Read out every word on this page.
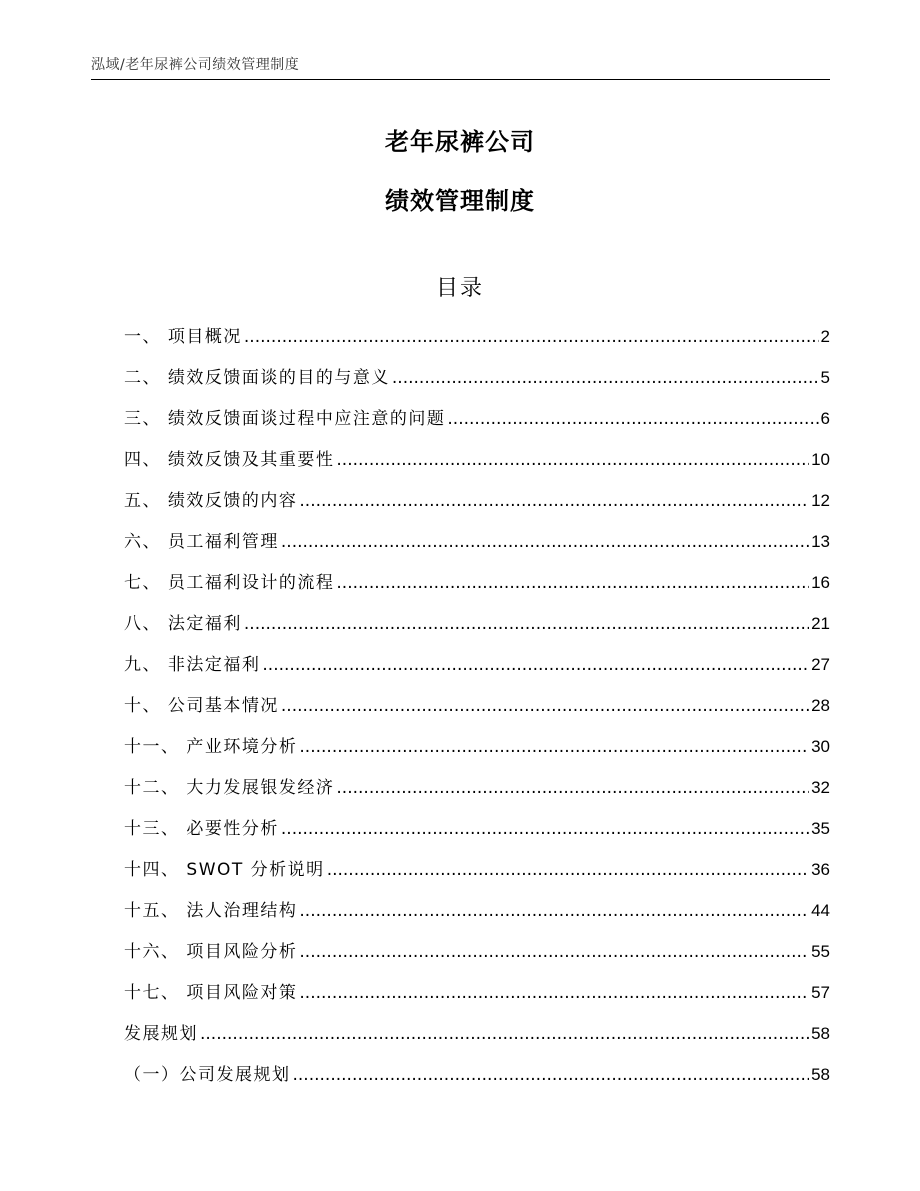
泓域/老年尿裤公司绩效管理制度
老年尿裤公司
绩效管理制度
目录
一、 项目概况 .....	2
二、 绩效反馈面谈的目的与意义 .....	5
三、 绩效反馈面谈过程中应注意的问题 .....	6
四、 绩效反馈及其重要性 .....	10
五、 绩效反馈的内容 .....	12
六、 员工福利管理 .....	13
七、 员工福利设计的流程 .....	16
八、 法定福利 .....	21
九、 非法定福利 .....	27
十、 公司基本情况 .....	28
十一、 产业环境分析 .....	30
十二、 大力发展银发经济 .....	32
十三、 必要性分析 .....	35
十四、 SWOT 分析说明 .....	36
十五、 法人治理结构 .....	44
十六、 项目风险分析 .....	55
十七、 项目风险对策 .....	57
发展规划 .....	58
（一） 公司发展规划 .....	58
